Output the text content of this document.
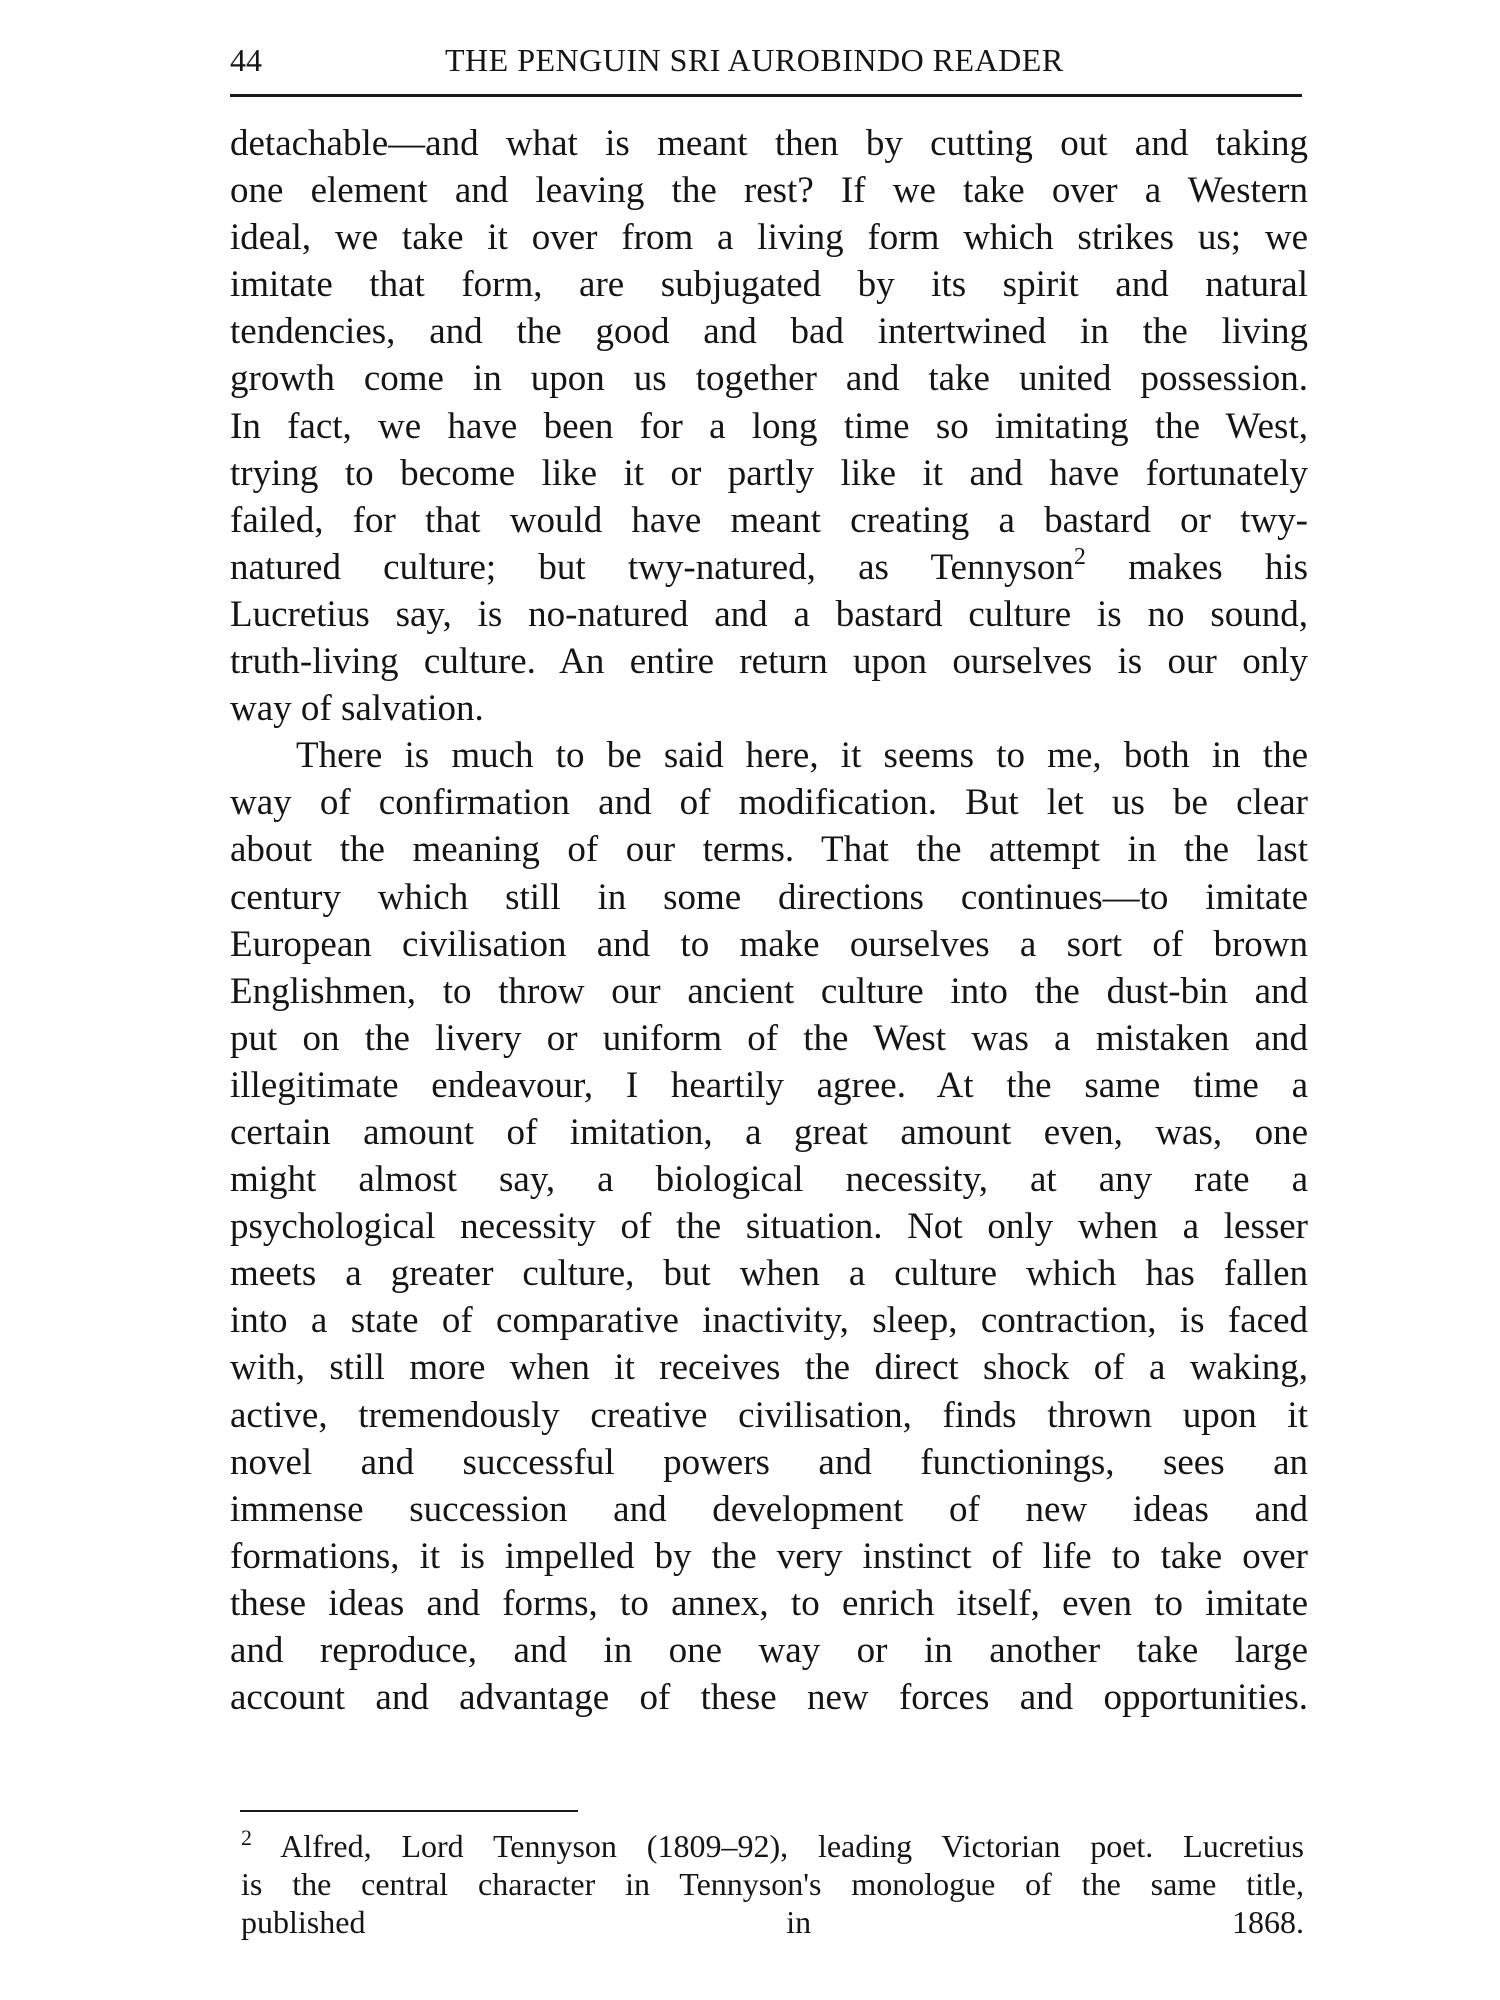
44	THE PENGUIN SRI AUROBINDO READER
detachable—and what is meant then by cutting out and taking
one element and leaving the rest? If we take over a Western
ideal, we take it over from a living form which strikes us; we
imitate that form, are subjugated by its spirit and natural
tendencies, and the good and bad intertwined in the living
growth come in upon us together and take united possession.
In fact, we have been for a long time so imitating the West,
trying to become like it or partly like it and have fortunately
failed, for that would have meant creating a bastard or twy-
natured culture; but twy-natured, as Tennyson$^2$ makes his
Lucretius say, is no-natured and a bastard culture is no sound,
truth-living culture. An entire return upon ourselves is our only
way of salvation.
There is much to be said here, it seems to me, both in the
way of confirmation and of modification. But let us be clear
about the meaning of our terms. That the attempt in the last
century which still in some directions continues—to imitate
European civilisation and to make ourselves a sort of brown
Englishmen, to throw our ancient culture into the dust-bin and
put on the livery or uniform of the West was a mistaken and
illegitimate endeavour, I heartily agree. At the same time a
certain amount of imitation, a great amount even, was, one
might almost say, a biological necessity, at any rate a
psychological necessity of the situation. Not only when a lesser
meets a greater culture, but when a culture which has fallen
into a state of comparative inactivity, sleep, contraction, is faced
with, still more when it receives the direct shock of a waking,
active, tremendously creative civilisation, finds thrown upon it
novel and successful powers and functionings, sees an
immense succession and development of new ideas and
formations, it is impelled by the very instinct of life to take over
these ideas and forms, to annex, to enrich itself, even to imitate
and reproduce, and in one way or in another take large
account and advantage of these new forces and opportunities.
$^2$ Alfred, Lord Tennyson (1809–92), leading Victorian poet. Lucretius
is the central character in Tennyson's monologue of the same title,
published in 1868.
